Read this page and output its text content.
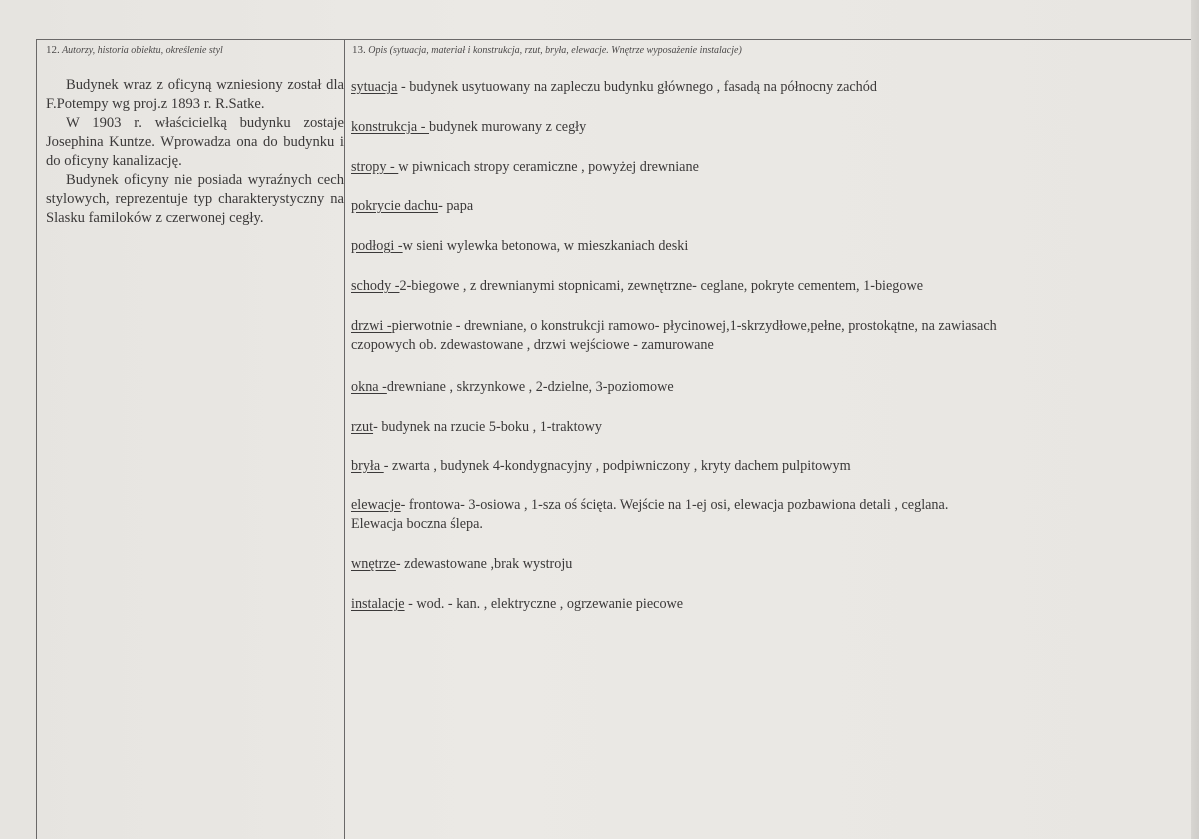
12. Autorzy, historia obiektu, określenie styl	13. Opis (sytuacja, materiał i konstrukcja, rzut, bryła, elewacje. Wnętrze wyposażenie instalacje)

Budynek wraz z oficyną wzniesiony został dla F.Potempy wg proj.z 1893 r. R.Satke.

W 1903 r. właścicielką budynku zostaje Josephina Kuntze. Wprowadza ona do budynku i do oficyny kanalizację.

Budynek oficyny nie posiada wyraźnych cech stylowych, reprezentuje typ charakterystyczny na Slasku familoków z czerwonej cegły.

sytuacja - budynek usytuowany na zapleczu budynku głównego , fasadą na północny zachód
konstrukcja - budynek murowany z cegły
stropy - w piwnicach stropy ceramiczne , powyżej drewniane
pokrycie dachu- papa
podłogi -w sieni wylewka betonowa, w mieszkaniach deski
schody -2-biegowe , z drewnianymi stopnicami, zewnętrzne- ceglane, pokryte cementem, 1-biegowe
drzwi -pierwotnie - drewniane, o konstrukcji ramowo- płycinowej,1-skrzydłowe,pełne, prostokątne, na zawiasach
czopowych ob. zdewastowane , drzwi wejściowe - zamurowane
okna -drewniane , skrzynkowe , 2-dzielne, 3-poziomowe
rzut- budynek na rzucie 5-boku , 1-traktowy
bryła - zwarta , budynek 4-kondygnacyjny , podpiwniczony , kryty dachem pulpitowym
elewacje- frontowa- 3-osiowa , 1-sza oś ścięta. Wejście na 1-ej osi, elewacja pozbawiona detali , ceglana.
Elewacja boczna ślepa.
wnętrze- zdewastowane ,brak wystroju
instalacje - wod. - kan. , elektryczne , ogrzewanie piecowe
